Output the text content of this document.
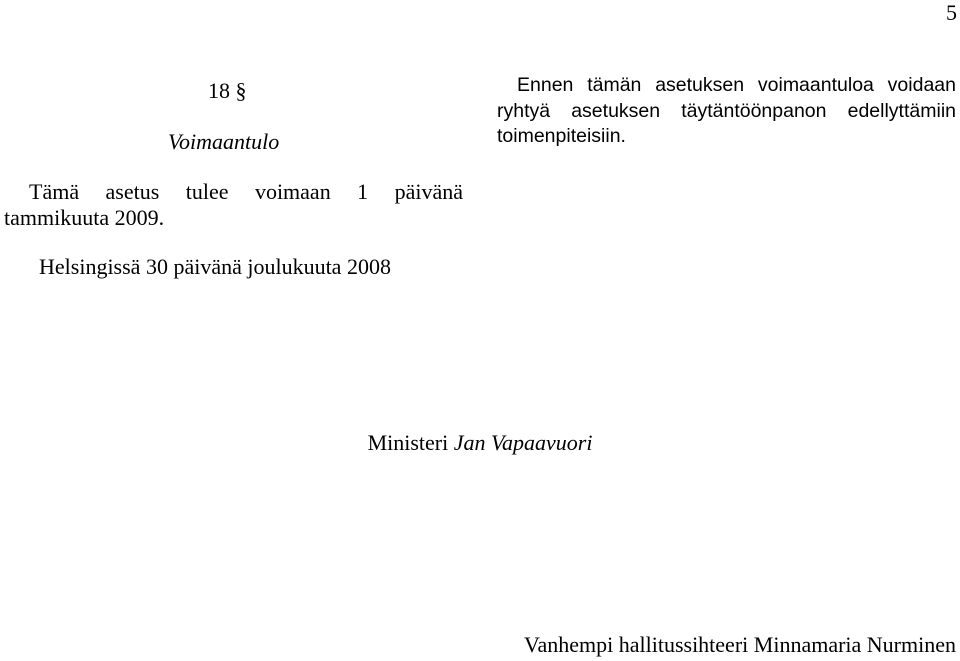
5
18 §
Voimaantulo
Tämä asetus tulee voimaan 1 päivänä tammikuuta 2009.
Helsingissä 30 päivänä joulukuuta 2008
Ennen tämän asetuksen voimaantuloa voidaan ryhtyä asetuksen täytäntöönpanon edellyttämiin toimenpiteisiin.
Ministeri Jan Vapaavuori
Vanhempi hallitussihteeri Minnamaria Nurminen
